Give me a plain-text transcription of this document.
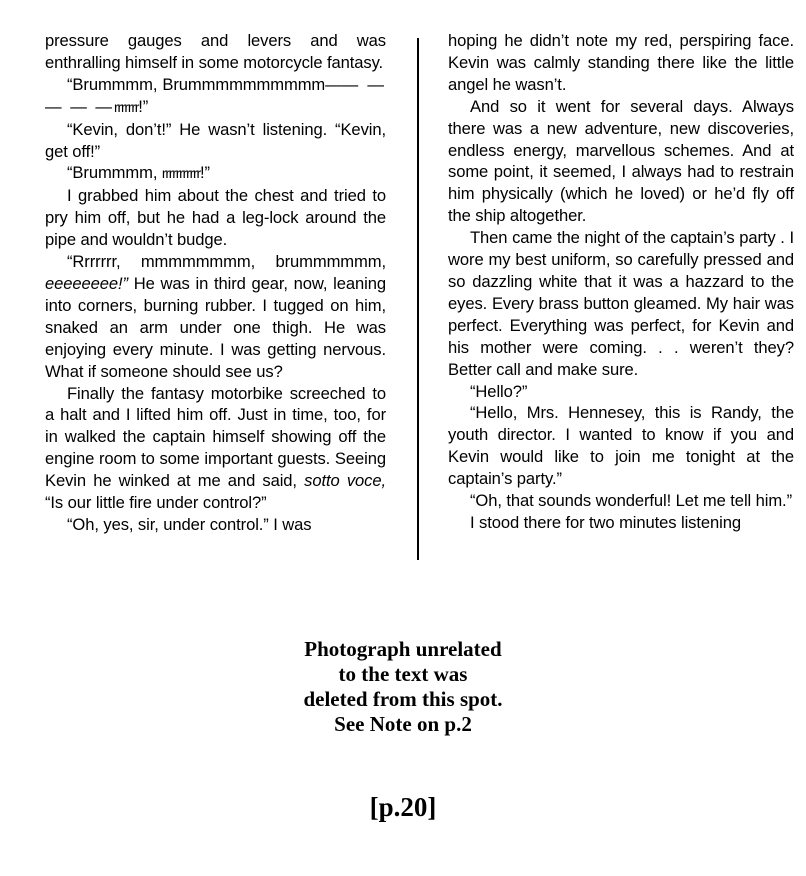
pressure gauges and levers and was enthralling himself in some motorcycle fantasy.

“Brummmm, Brummmmmmmmmm—— — — — —rrrrrrr!”

“Kevin, don’t!” He wasn’t listening. “Kevin, get off!”

“Brummmm, rrrrrrrrrrr!”

I grabbed him about the chest and tried to pry him off, but he had a leg-lock around the pipe and wouldn’t budge.

“Rrrrrrr, mmmmmmmm, brummmmmm, eeeeeeee!” He was in third gear, now, leaning into corners, burning rubber. I tugged on him, snaked an arm under one thigh. He was enjoying every minute. I was getting nervous. What if someone should see us?

Finally the fantasy motorbike screeched to a halt and I lifted him off. Just in time, too, for in walked the captain himself showing off the engine room to some important guests. Seeing Kevin he winked at me and said, sotto voce, “Is our little fire under control?”

“Oh, yes, sir, under control.” I was

hoping he didn’t note my red, perspiring face. Kevin was calmly standing there like the little angel he wasn’t.

And so it went for several days. Always there was a new adventure, new discoveries, endless energy, marvellous schemes. And at some point, it seemed, I always had to restrain him physically (which he loved) or he’d fly off the ship altogether.

Then came the night of the captain’s party . I wore my best uniform, so carefully pressed and so dazzling white that it was a hazzard to the eyes. Every brass button gleamed. My hair was perfect. Everything was perfect, for Kevin and his mother were coming. . . weren’t they? Better call and make sure.

“Hello?”

“Hello, Mrs. Hennesey, this is Randy, the youth director. I wanted to know if you and Kevin would like to join me tonight at the captain’s party.”

“Oh, that sounds wonderful! Let me tell him.”

I stood there for two minutes listening

Photograph unrelated
to the text was
deleted from this spot.
See Note on p.2
[p.20]
